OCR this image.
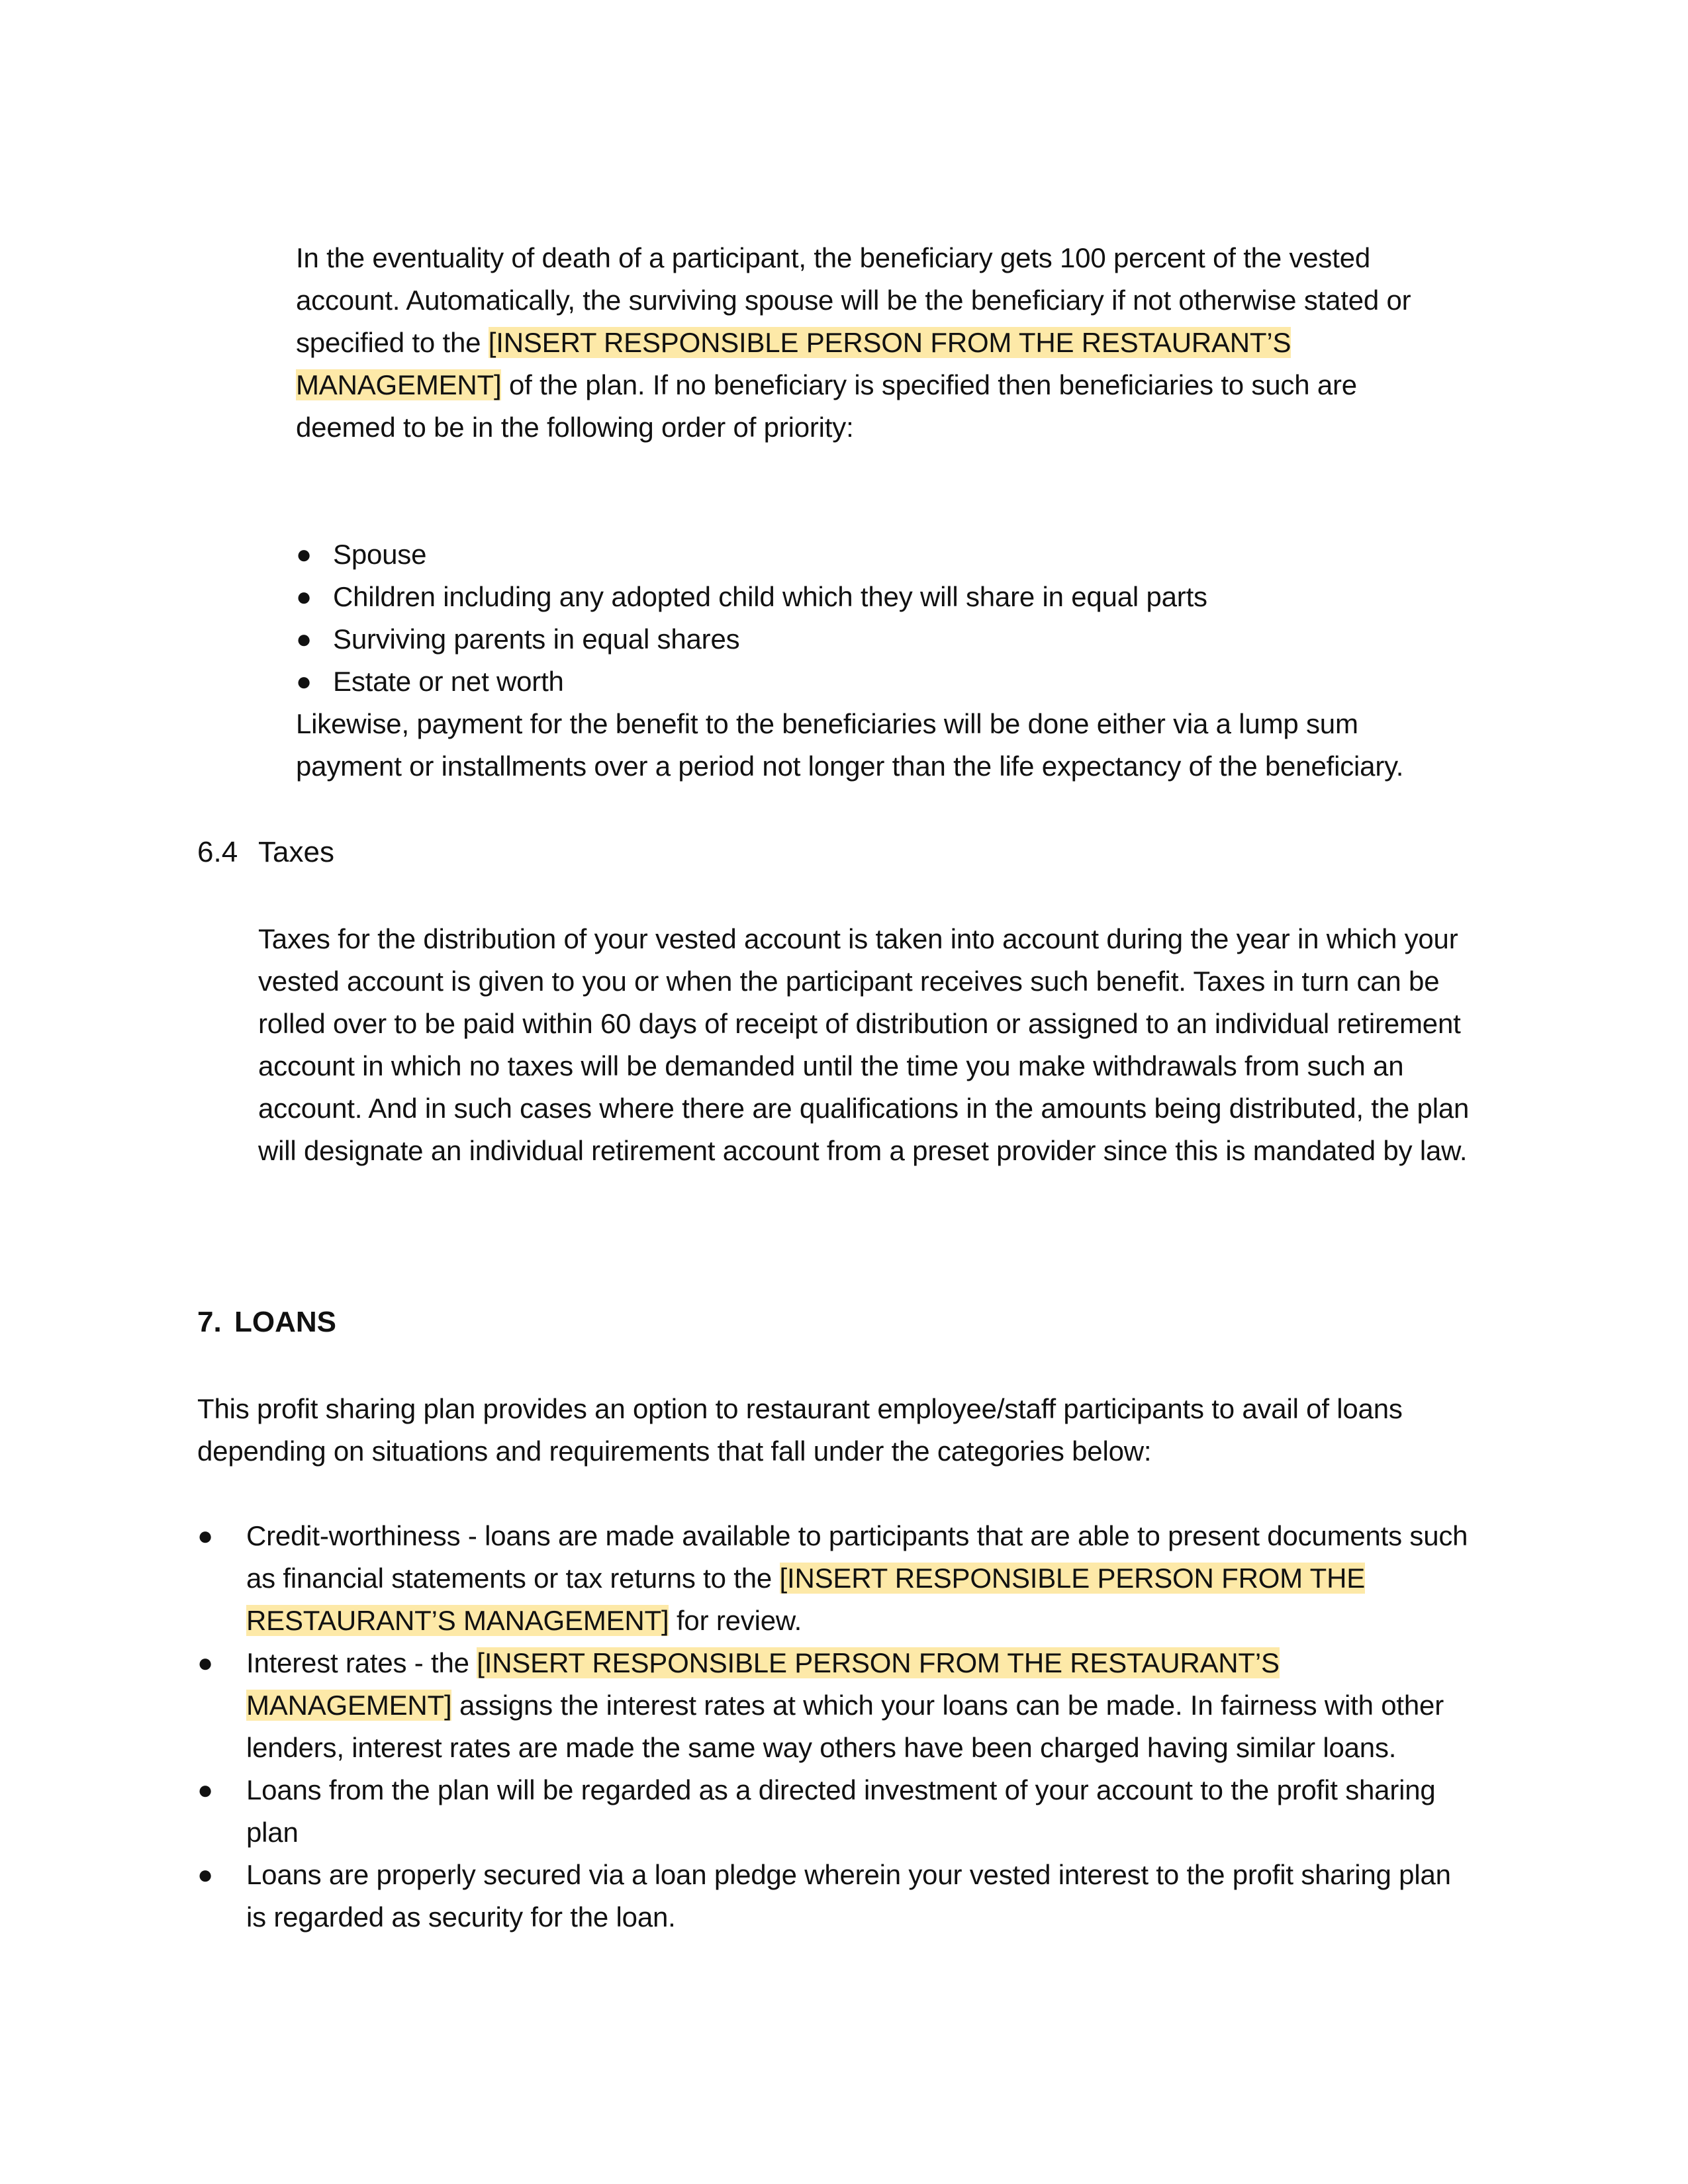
In the eventuality of death of a participant, the beneficiary gets 100 percent of the vested account. Automatically, the surviving spouse will be the beneficiary if not otherwise stated or specified to the [INSERT RESPONSIBLE PERSON FROM THE RESTAURANT’S MANAGEMENT] of the plan. If no beneficiary is specified then beneficiaries to such are deemed to be in the following order of priority:

● Spouse
● Children including any adopted child which they will share in equal parts
● Surviving parents in equal shares
● Estate or net worth

Likewise, payment for the benefit to the beneficiaries will be done either via a lump sum payment or installments over a period not longer than the life expectancy of the beneficiary.

6.4 Taxes

Taxes for the distribution of your vested account is taken into account during the year in which your vested account is given to you or when the participant receives such benefit. Taxes in turn can be rolled over to be paid within 60 days of receipt of distribution or assigned to an individual retirement account in which no taxes will be demanded until the time you make withdrawals from such an account. And in such cases where there are qualifications in the amounts being distributed, the plan will designate an individual retirement account from a preset provider since this is mandated by law.

7. LOANS

This profit sharing plan provides an option to restaurant employee/staff participants to avail of loans depending on situations and requirements that fall under the categories below:

● Credit-worthiness - loans are made available to participants that are able to present documents such as financial statements or tax returns to the [INSERT RESPONSIBLE PERSON FROM THE RESTAURANT’S MANAGEMENT] for review.
● Interest rates - the [INSERT RESPONSIBLE PERSON FROM THE RESTAURANT’S MANAGEMENT] assigns the interest rates at which your loans can be made. In fairness with other lenders, interest rates are made the same way others have been charged having similar loans.
● Loans from the plan will be regarded as a directed investment of your account to the profit sharing plan
● Loans are properly secured via a loan pledge wherein your vested interest to the profit sharing plan is regarded as security for the loan.
